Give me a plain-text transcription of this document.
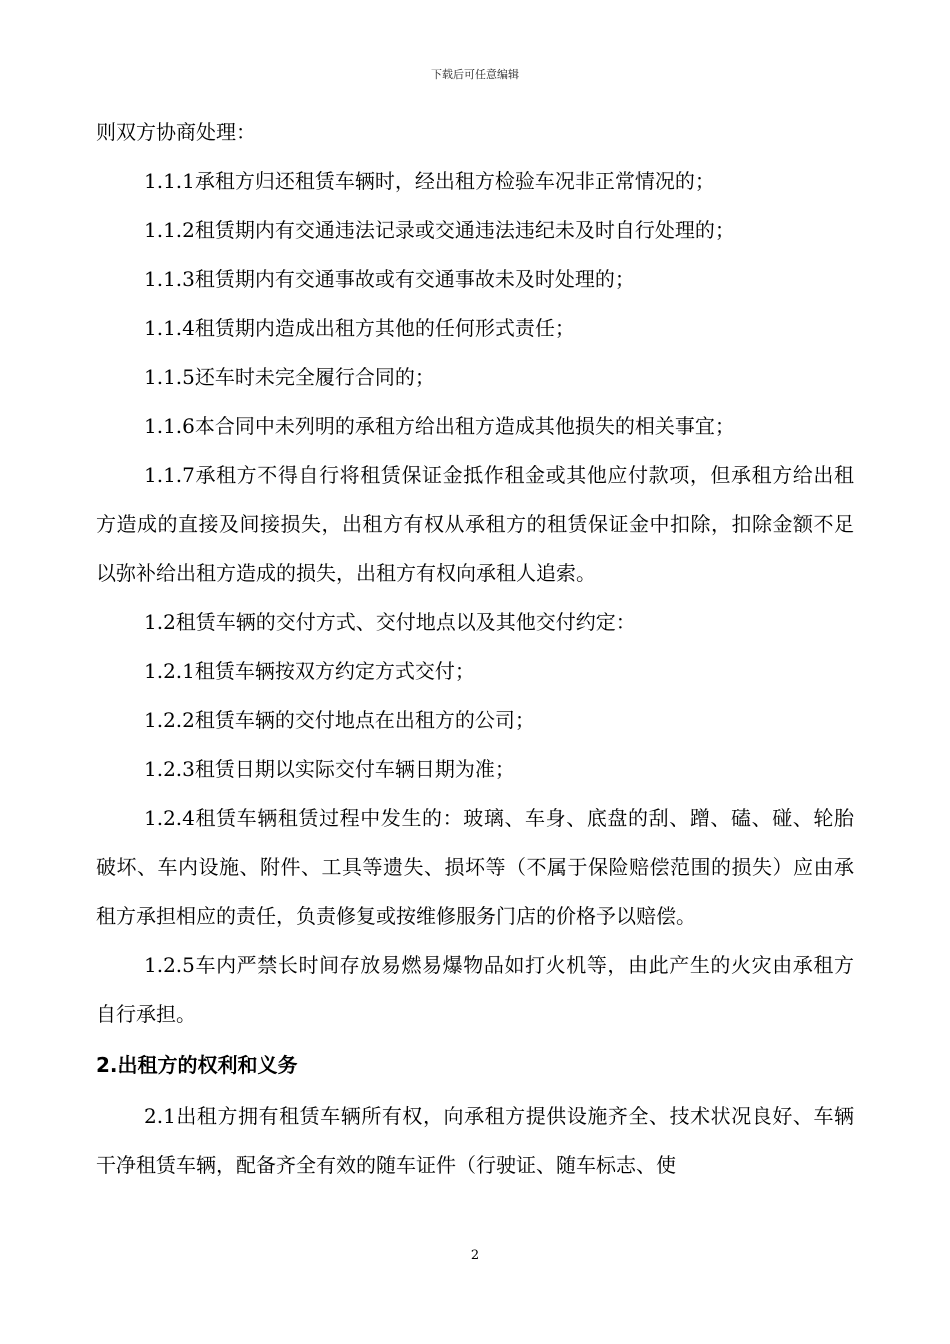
下载后可任意编辑

则双方协商处理：

1.1.1承租方归还租赁车辆时，经出租方检验车况非正常情况的；

1.1.2租赁期内有交通违法记录或交通违法违纪未及时自行处理的；

1.1.3租赁期内有交通事故或有交通事故未及时处理的；

1.1.4租赁期内造成出租方其他的任何形式责任；

1.1.5还车时未完全履行合同的；

1.1.6本合同中未列明的承租方给出租方造成其他损失的相关事宜；

1.1.7承租方不得自行将租赁保证金抵作租金或其他应付款项，但承租方给出租方造成的直接及间接损失，出租方有权从承租方的租赁保证金中扣除，扣除金额不足以弥补给出租方造成的损失，出租方有权向承租人追索。

1.2租赁车辆的交付方式、交付地点以及其他交付约定：

1.2.1租赁车辆按双方约定方式交付；

1.2.2租赁车辆的交付地点在出租方的公司；

1.2.3租赁日期以实际交付车辆日期为准；

1.2.4租赁车辆租赁过程中发生的：玻璃、车身、底盘的刮、蹭、磕、碰、轮胎破坏、车内设施、附件、工具等遗失、损坏等（不属于保险赔偿范围的损失）应由承租方承担相应的责任，负责修复或按维修服务门店的价格予以赔偿。

1.2.5车内严禁长时间存放易燃易爆物品如打火机等，由此产生的火灾由承租方自行承担。

2.出租方的权利和义务

2.1出租方拥有租赁车辆所有权，向承租方提供设施齐全、技术状况良好、车辆干净租赁车辆，配备齐全有效的随车证件（行驶证、随车标志、使

2
